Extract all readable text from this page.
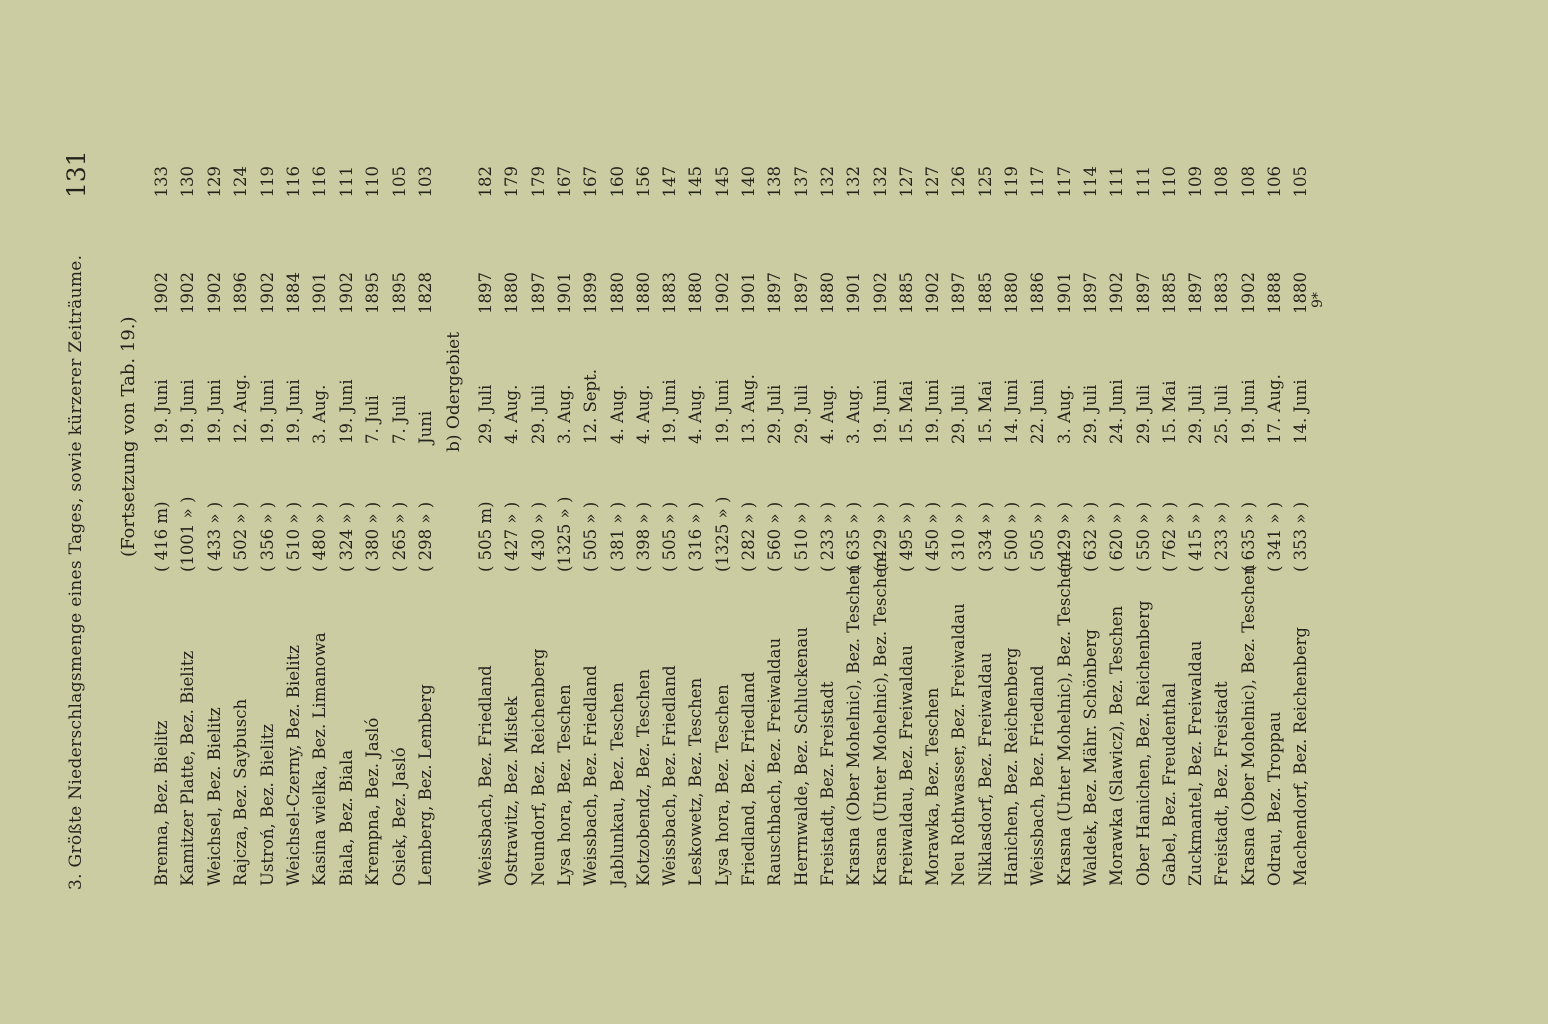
3. Größte Niederschlagsmenge eines Tages, sowie kürzerer Zeiträume.
131
(Fortsetzung von Tab. 19.)
Brenna, Bez. Bielitz
( 416 m)
19. Juni
1902
133
Kamitzer Platte, Bez. Bielitz
(1001 » )
19. Juni
1902
130
Weichsel, Bez. Bielitz
( 433 » )
19. Juni
1902
129
Rajcza, Bez. Saybusch
( 502 » )
12. Aug.
1896
124
Ustroń, Bez. Bielitz
( 356 » )
19. Juni
1902
119
Weichsel-Czerny, Bez. Bielitz
( 510 » )
19. Juni
1884
116
Kasina wielka, Bez. Limanowa
( 480 » )
3. Aug.
1901
116
Biala, Bez. Biala
( 324 » )
19. Juni
1902
111
Krempna, Bez. Jasló
( 380 » )
7. Juli
1895
110
Osiek, Bez. Jasló
( 265 » )
7. Juli
1895
105
Lemberg, Bez. Lemberg
( 298 » )
Juni
1828
103
b) Odergebiet
Weissbach, Bez. Friedland
( 505 m)
29. Juli
1897
182
Ostrawitz, Bez. Mistek
( 427 » )
4. Aug.
1880
179
Neundorf, Bez. Reichenberg
( 430 » )
29. Juli
1897
179
Lysa hora, Bez. Teschen
(1325 » )
3. Aug.
1901
167
Weissbach, Bez. Friedland
( 505 » )
12. Sept.
1899
167
Jablunkau, Bez. Teschen
( 381 » )
4. Aug.
1880
160
Kotzobendz, Bez. Teschen
( 398 » )
4. Aug.
1880
156
Weissbach, Bez. Friedland
( 505 » )
19. Juni
1883
147
Leskowetz, Bez. Teschen
( 316 » )
4. Aug.
1880
145
Lysa hora, Bez. Teschen
(1325 » )
19. Juni
1902
145
Friedland, Bez. Friedland
( 282 » )
13. Aug.
1901
140
Rauschbach, Bez. Freiwaldau
( 560 » )
29. Juli
1897
138
Herrnwalde, Bez. Schluckenau
( 510 » )
29. Juli
1897
137
Freistadt, Bez. Freistadt
( 233 » )
4. Aug.
1880
132
Krasna (Ober Mohelnic), Bez. Teschen
( 635 » )
3. Aug.
1901
132
Krasna (Unter Mohelnic), Bez. Teschen
( 429 » )
19. Juni
1902
132
Freiwaldau, Bez. Freiwaldau
( 495 » )
15. Mai
1885
127
Morawka, Bez. Teschen
( 450 » )
19. Juni
1902
127
Neu Rothwasser, Bez. Freiwaldau
( 310 » )
29. Juli
1897
126
Niklasdorf, Bez. Freiwaldau
( 334 » )
15. Mai
1885
125
Hanichen, Bez. Reichenberg
( 500 » )
14. Juni
1880
119
Weissbach, Bez. Friedland
( 505 » )
22. Juni
1886
117
Krasna (Unter Mohelnic), Bez. Teschen
( 429 » )
3. Aug.
1901
117
Waldek, Bez. Mähr. Schönberg
( 632 » )
29. Juli
1897
114
Morawka (Slawicz), Bez. Teschen
( 620 » )
24. Juni
1902
111
Ober Hanichen, Bez. Reichenberg
( 550 » )
29. Juli
1897
111
Gabel, Bez. Freudenthal
( 762 » )
15. Mai
1885
110
Zuckmantel, Bez. Freiwaldau
( 415 » )
29. Juli
1897
109
Freistadt, Bez. Freistadt
( 233 » )
25. Juli
1883
108
Krasna (Ober Mohelnic), Bez. Teschen
( 635 » )
19. Juni
1902
108
Odrau, Bez. Troppau
( 341 » )
17. Aug.
1888
106
Machendorf, Bez. Reichenberg
( 353 » )
14. Juni
1880
105
9*
